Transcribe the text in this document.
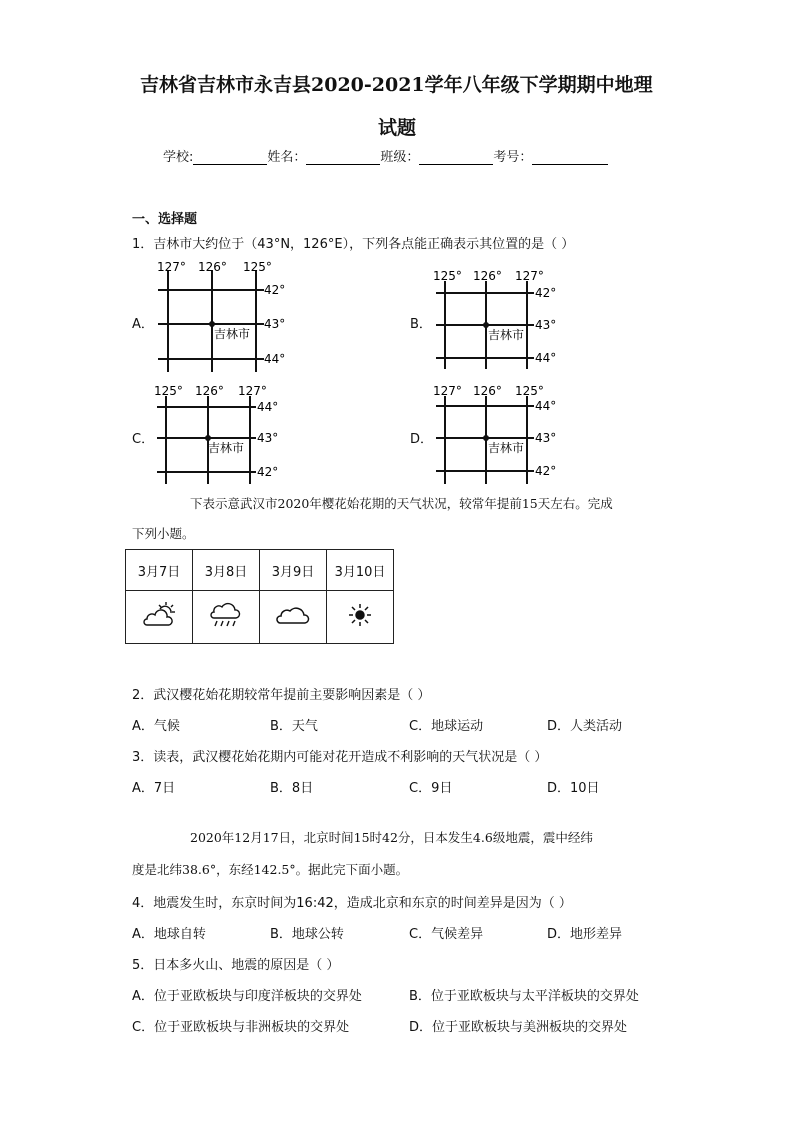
吉林省吉林市永吉县2020-2021学年八年级下学期期中地理
试题
学校:	姓名：	班级：	考号：
一、选择题
1．吉林市大约位于（43°N，126°E），下列各点能正确表示其位置的是（ ）
A．
127° 126° 125°
42°
43°
44°
吉林市
B．
125° 126° 127°
42°
43°
44°
吉林市
C．
125° 126° 127°
44°
43°
42°
吉林市
D．
127° 126° 125°
44°
43°
42°
吉林市
下表示意武汉市2020年樱花始花期的天气状况，较常年提前15天左右。完成
下列小题。
3月7日	3月8日	3月9日	3月10日

2．武汉樱花始花期较常年提前主要影响因素是（ ）
A．气候	B．天气	C．地球运动	D．人类活动
3．读表，武汉樱花始花期内可能对花开造成不利影响的天气状况是（ ）
A．7日	B．8日	C．9日	D．10日
2020年12月17日，北京时间15时42分，日本发生4.6级地震，震中经纬
度是北纬38.6°，东经142.5°。据此完下面小题。
4．地震发生时，东京时间为16:42，造成北京和东京的时间差异是因为（ ）
A．地球自转	B．地球公转	C．气候差异	D．地形差异
5．日本多火山、地震的原因是（ ）
A．位于亚欧板块与印度洋板块的交界处	B．位于亚欧板块与太平洋板块的交界处
C．位于亚欧板块与非洲板块的交界处	D．位于亚欧板块与美洲板块的交界处
